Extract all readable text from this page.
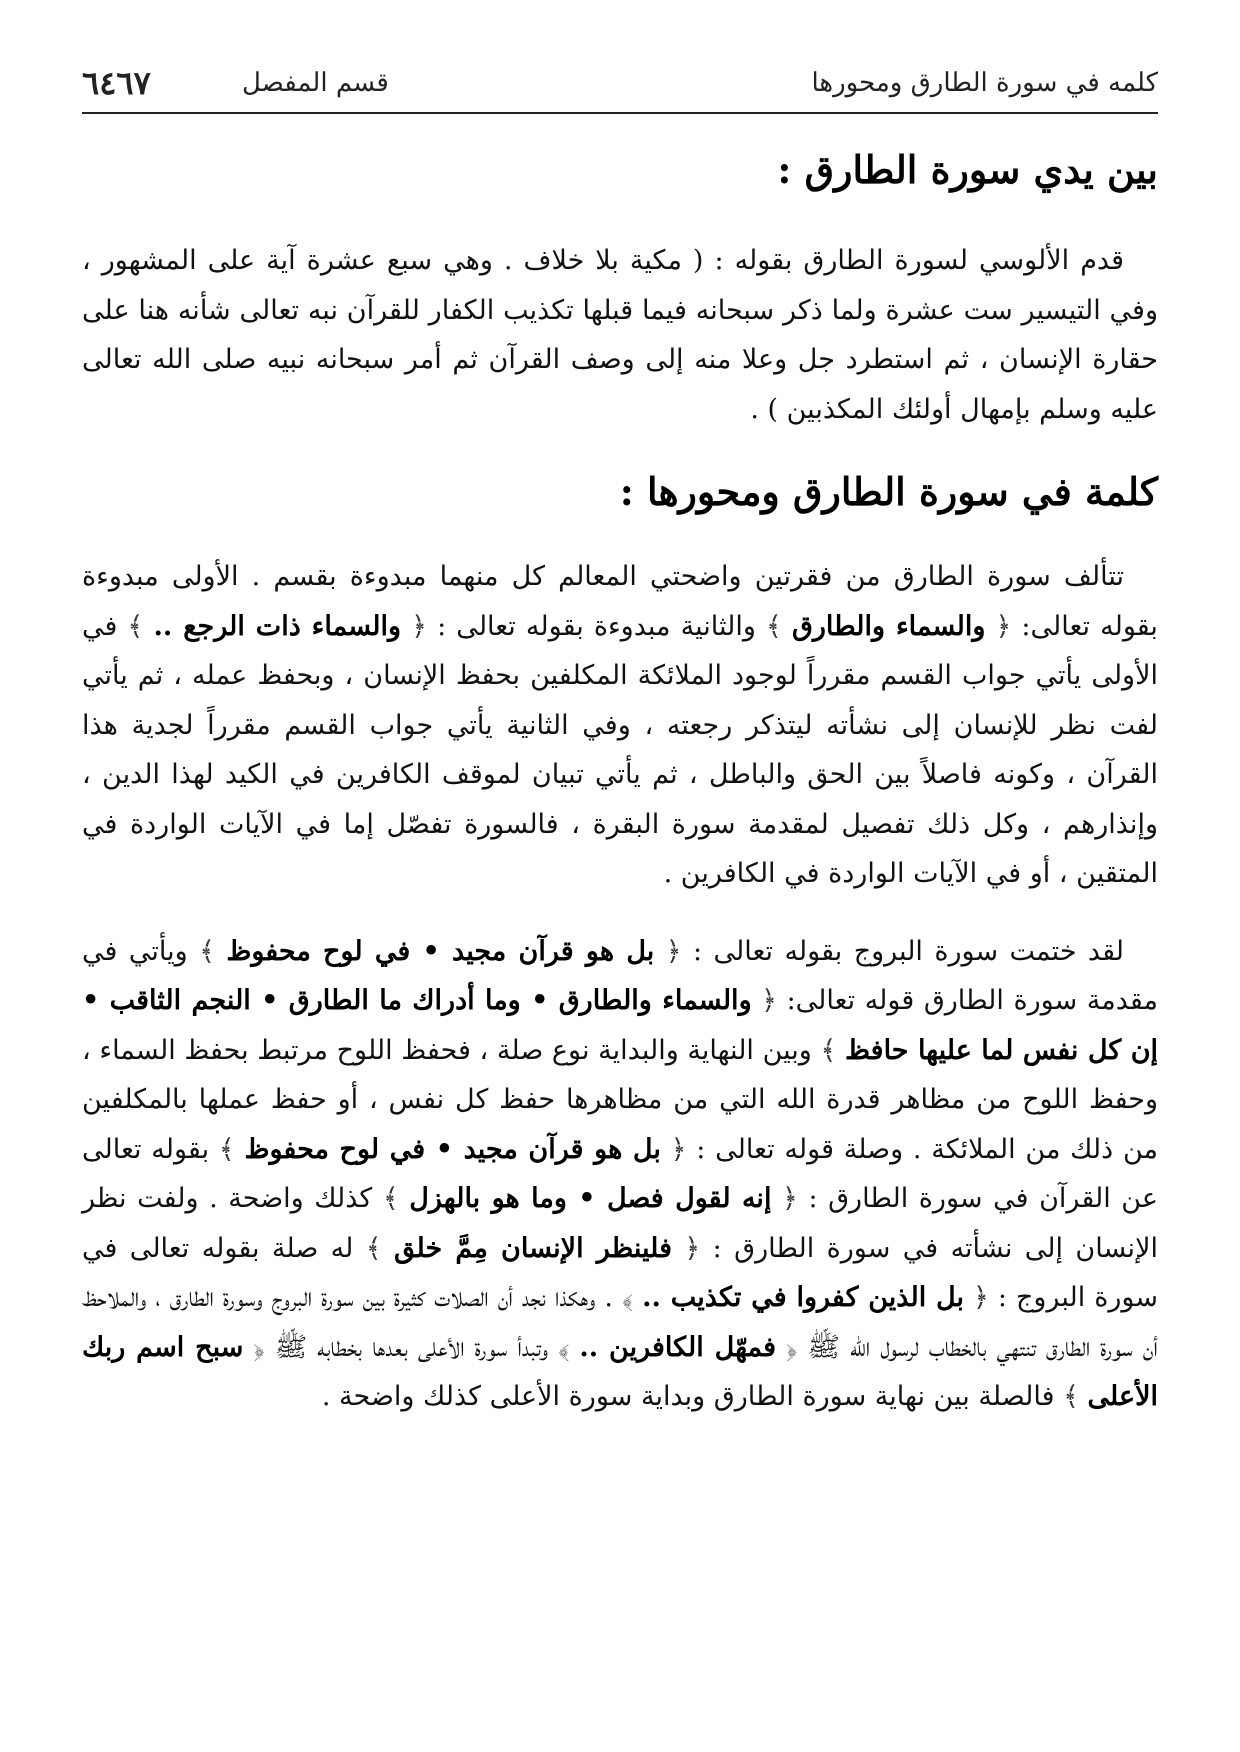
كلمه في سورة الطارق ومحورها
قسم المفصل
٦٤٦٧
بين يدي سورة الطارق :

قدم الألوسي لسورة الطارق بقوله : ( مكية بلا خلاف . وهي سبع عشرة آية على المشهور ، وفي التيسير ست عشرة ولما ذكر سبحانه فيما قبلها تكذيب الكفار للقرآن نبه تعالى شأنه هنا على حقارة الإنسان ، ثم استطرد جل وعلا منه إلى وصف القرآن ثم أمر سبحانه نبيه صلى الله تعالى عليه وسلم بإمهال أولئك المكذبين ) .

كلمة في سورة الطارق ومحورها :

تتألف سورة الطارق من فقرتين واضحتي المعالم كل منهما مبدوءة بقسم . الأولى مبدوءة بقوله تعالى: ﴿ والسماء والطارق ﴾ والثانية مبدوءة بقوله تعالى : ﴿ والسماء ذات الرجع .. ﴾ في الأولى يأتي جواب القسم مقرراً لوجود الملائكة المكلفين بحفظ الإنسان ، وبحفظ عمله ، ثم يأتي لفت نظر للإنسان إلى نشأته ليتذكر رجعته ، وفي الثانية يأتي جواب القسم مقرراً لجدية هذا القرآن ، وكونه فاصلاً بين الحق والباطل ، ثم يأتي تبيان لموقف الكافرين في الكيد لهذا الدين ، وإنذارهم ، وكل ذلك تفصيل لمقدمة سورة البقرة ، فالسورة تفصّل إما في الآيات الواردة في المتقين ، أو في الآيات الواردة في الكافرين .

لقد ختمت سورة البروج بقوله تعالى : ﴿ بل هو قرآن مجيد • في لوح محفوظ ﴾ ويأتي في مقدمة سورة الطارق قوله تعالى: ﴿ والسماء والطارق • وما أدراك ما الطارق • النجم الثاقب • إن كل نفس لما عليها حافظ ﴾ وبين النهاية والبداية نوع صلة ، فحفظ اللوح مرتبط بحفظ السماء ، وحفظ اللوح من مظاهر قدرة الله التي من مظاهرها حفظ كل نفس ، أو حفظ عملها بالمكلفين من ذلك من الملائكة . وصلة قوله تعالى : ﴿ بل هو قرآن مجيد • في لوح محفوظ ﴾ بقوله تعالى عن القرآن في سورة الطارق : ﴿ إنه لقول فصل • وما هو بالهزل ﴾ كذلك واضحة . ولفت نظر الإنسان إلى نشأته في سورة الطارق : ﴿ فلينظر الإنسان مِمَّ خلق ﴾ له صلة بقوله تعالى في سورة البروج : ﴿ بل الذين كفروا في تكذيب .. ﴾ . وهكذا نجد أن الصلات كثيرة بين سورة البروج وسورة الطارق ، والملاحظ أن سورة الطارق تنتهي بالخطاب لرسول الله ﷺ ﴿ فمهّل الكافرين .. ﴾ وتبدأ سورة الأعلى بعدها بخطابه ﷺ ﴿ سبح اسم ربك الأعلى ﴾ فالصلة بين نهاية سورة الطارق وبداية سورة الأعلى كذلك واضحة .
